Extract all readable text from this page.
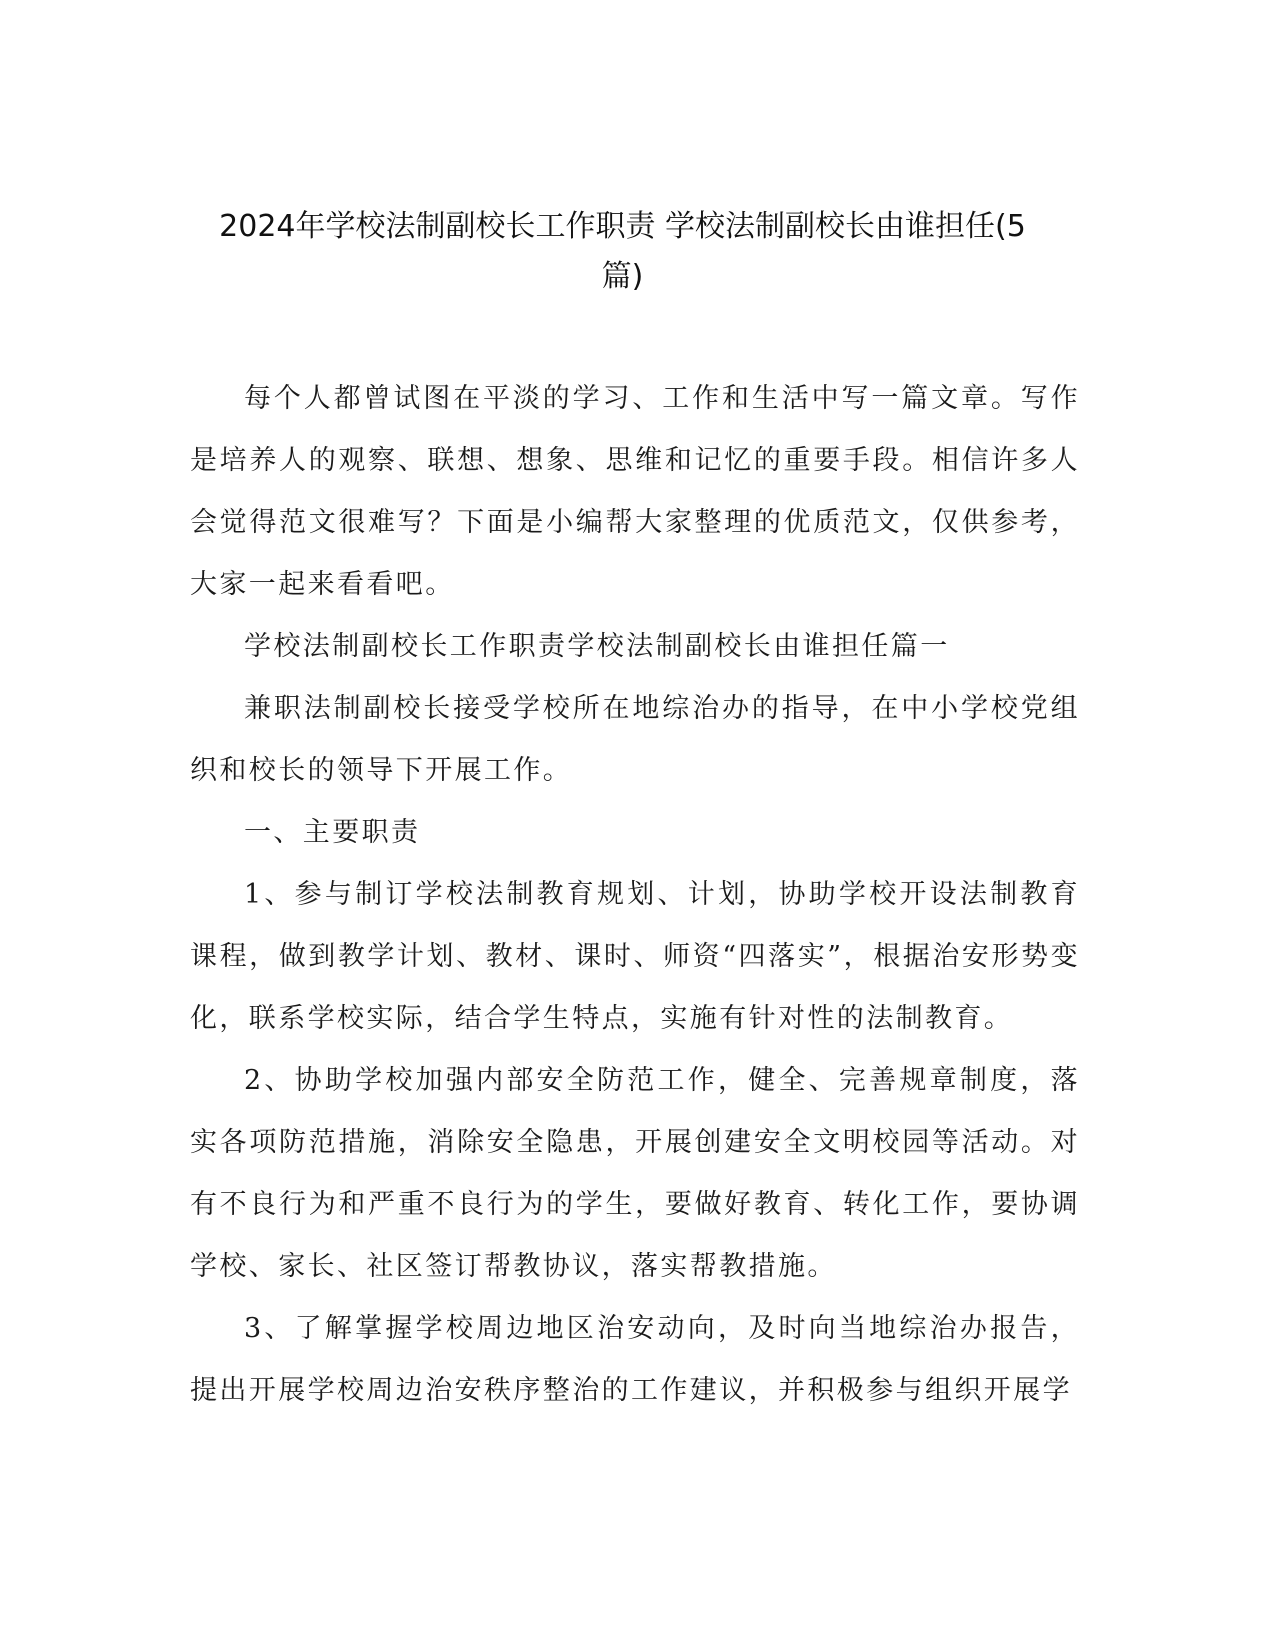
2024年学校法制副校长工作职责 学校法制副校长由谁担任(5
篇)

每个人都曾试图在平淡的学习、工作和生活中写一篇文章。写作是培养人的观察、联想、想象、思维和记忆的重要手段。相信许多人会觉得范文很难写？下面是小编帮大家整理的优质范文，仅供参考，大家一起来看看吧。

学校法制副校长工作职责学校法制副校长由谁担任篇一

兼职法制副校长接受学校所在地综治办的指导，在中小学校党组织和校长的领导下开展工作。

一、主要职责

1、参与制订学校法制教育规划、计划，协助学校开设法制教育课程，做到教学计划、教材、课时、师资“四落实”，根据治安形势变化，联系学校实际，结合学生特点，实施有针对性的法制教育。

2、协助学校加强内部安全防范工作，健全、完善规章制度，落实各项防范措施，消除安全隐患，开展创建安全文明校园等活动。对有不良行为和严重不良行为的学生，要做好教育、转化工作，要协调学校、家长、社区签订帮教协议，落实帮教措施。

3、了解掌握学校周边地区治安动向，及时向当地综治办报告，提出开展学校周边治安秩序整治的工作建议，并积极参与组织开展学
